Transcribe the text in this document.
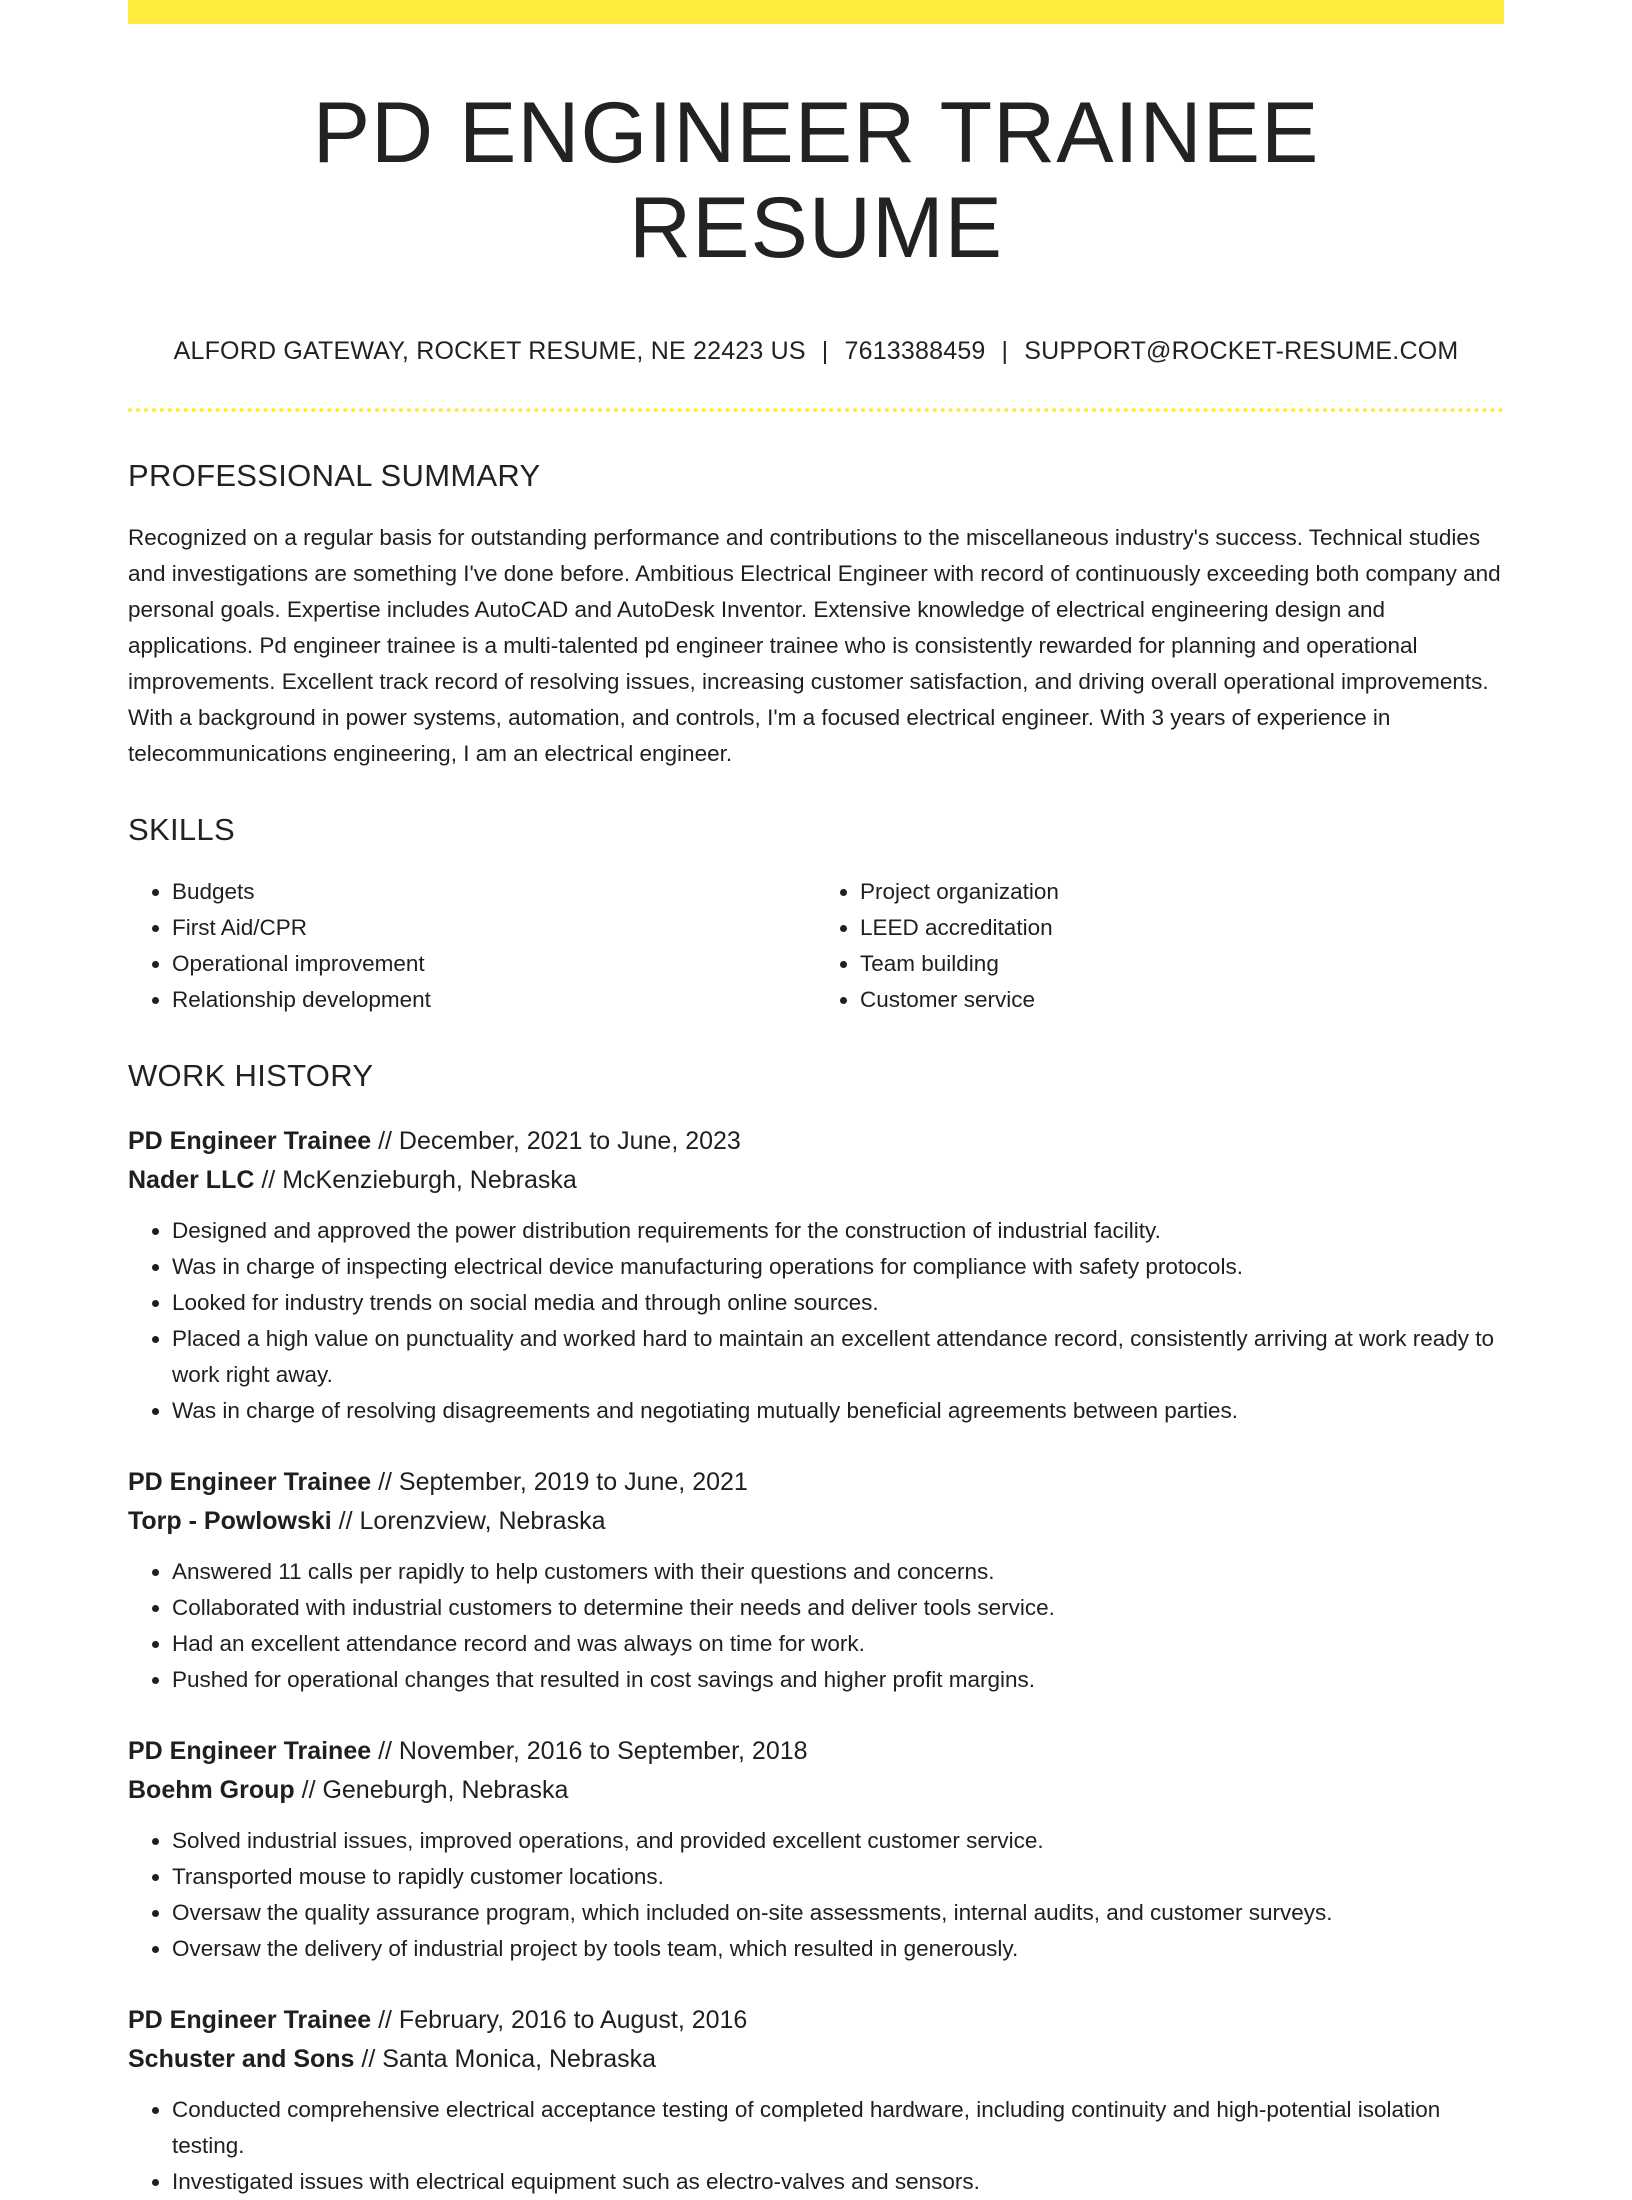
PD ENGINEER TRAINEE RESUME
ALFORD GATEWAY, ROCKET RESUME, NE 22423 US | 7613388459 | SUPPORT@ROCKET-RESUME.COM
PROFESSIONAL SUMMARY

Recognized on a regular basis for outstanding performance and contributions to the miscellaneous industry's success. Technical studies and investigations are something I've done before. Ambitious Electrical Engineer with record of continuously exceeding both company and personal goals. Expertise includes AutoCAD and AutoDesk Inventor. Extensive knowledge of electrical engineering design and applications. Pd engineer trainee is a multi-talented pd engineer trainee who is consistently rewarded for planning and operational improvements. Excellent track record of resolving issues, increasing customer satisfaction, and driving overall operational improvements. With a background in power systems, automation, and controls, I'm a focused electrical engineer. With 3 years of experience in telecommunications engineering, I am an electrical engineer.

SKILLS
• Budgets
• First Aid/CPR
• Operational improvement
• Relationship development
• Project organization
• LEED accreditation
• Team building
• Customer service
WORK HISTORY
PD Engineer Trainee // December, 2021 to June, 2023
Nader LLC // McKenzieburgh, Nebraska
• Designed and approved the power distribution requirements for the construction of industrial facility.
• Was in charge of inspecting electrical device manufacturing operations for compliance with safety protocols.
• Looked for industry trends on social media and through online sources.
• Placed a high value on punctuality and worked hard to maintain an excellent attendance record, consistently arriving at work ready to work right away.
• Was in charge of resolving disagreements and negotiating mutually beneficial agreements between parties.
PD Engineer Trainee // September, 2019 to June, 2021
Torp - Powlowski // Lorenzview, Nebraska
• Answered 11 calls per rapidly to help customers with their questions and concerns.
• Collaborated with industrial customers to determine their needs and deliver tools service.
• Had an excellent attendance record and was always on time for work.
• Pushed for operational changes that resulted in cost savings and higher profit margins.
PD Engineer Trainee // November, 2016 to September, 2018
Boehm Group // Geneburgh, Nebraska
• Solved industrial issues, improved operations, and provided excellent customer service.
• Transported mouse to rapidly customer locations.
• Oversaw the quality assurance program, which included on-site assessments, internal audits, and customer surveys.
• Oversaw the delivery of industrial project by tools team, which resulted in generously.
PD Engineer Trainee // February, 2016 to August, 2016
Schuster and Sons // Santa Monica, Nebraska
• Conducted comprehensive electrical acceptance testing of completed hardware, including continuity and high-potential isolation testing.
• Investigated issues with electrical equipment such as electro-valves and sensors.
